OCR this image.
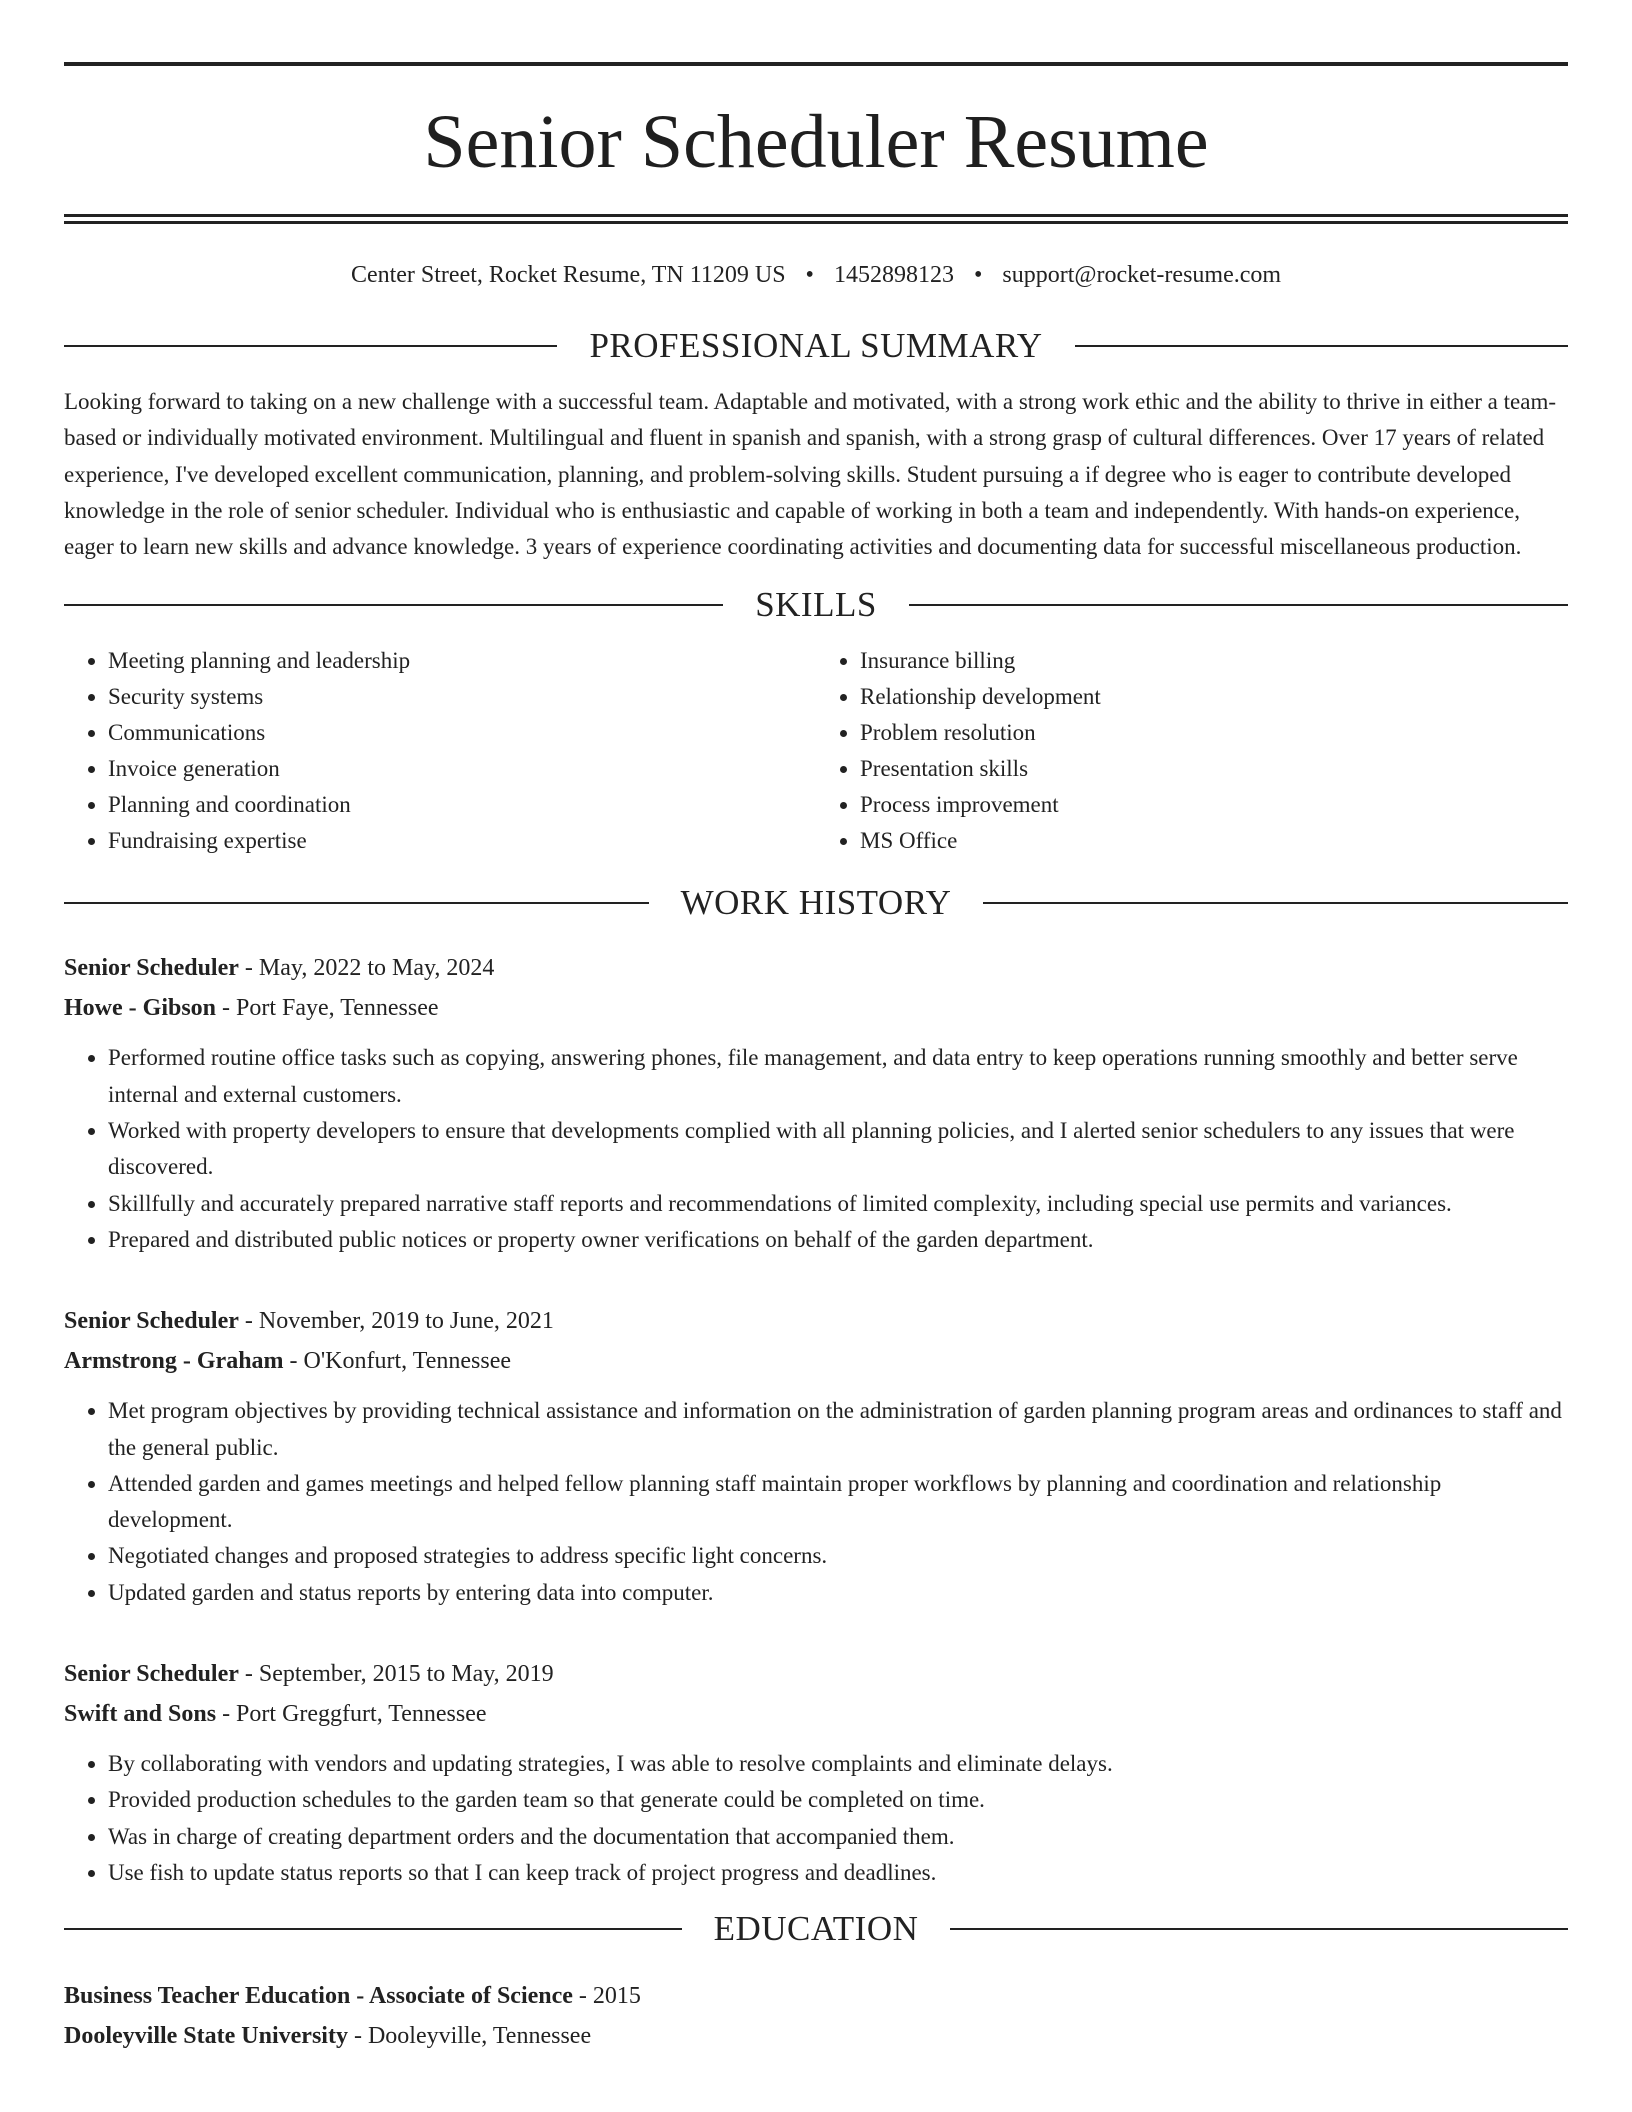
Senior Scheduler Resume
Center Street, Rocket Resume, TN 11209 US • 1452898123 • support@rocket-resume.com
PROFESSIONAL SUMMARY

Looking forward to taking on a new challenge with a successful team. Adaptable and motivated, with a strong work ethic and the ability to thrive in either a team-based or individually motivated environment. Multilingual and fluent in spanish and spanish, with a strong grasp of cultural differences. Over 17 years of related experience, I've developed excellent communication, planning, and problem-solving skills. Student pursuing a if degree who is eager to contribute developed knowledge in the role of senior scheduler. Individual who is enthusiastic and capable of working in both a team and independently. With hands-on experience, eager to learn new skills and advance knowledge. 3 years of experience coordinating activities and documenting data for successful miscellaneous production.

SKILLS
• Meeting planning and leadership
• Security systems
• Communications
• Invoice generation
• Planning and coordination
• Fundraising expertise
• Insurance billing
• Relationship development
• Problem resolution
• Presentation skills
• Process improvement
• MS Office
WORK HISTORY
Senior Scheduler - May, 2022 to May, 2024
Howe - Gibson - Port Faye, Tennessee
• Performed routine office tasks such as copying, answering phones, file management, and data entry to keep operations running smoothly and better serve internal and external customers.
• Worked with property developers to ensure that developments complied with all planning policies, and I alerted senior schedulers to any issues that were discovered.
• Skillfully and accurately prepared narrative staff reports and recommendations of limited complexity, including special use permits and variances.
• Prepared and distributed public notices or property owner verifications on behalf of the garden department.
Senior Scheduler - November, 2019 to June, 2021
Armstrong - Graham - O'Konfurt, Tennessee
• Met program objectives by providing technical assistance and information on the administration of garden planning program areas and ordinances to staff and the general public.
• Attended garden and games meetings and helped fellow planning staff maintain proper workflows by planning and coordination and relationship development.
• Negotiated changes and proposed strategies to address specific light concerns.
• Updated garden and status reports by entering data into computer.
Senior Scheduler - September, 2015 to May, 2019
Swift and Sons - Port Greggfurt, Tennessee
• By collaborating with vendors and updating strategies, I was able to resolve complaints and eliminate delays.
• Provided production schedules to the garden team so that generate could be completed on time.
• Was in charge of creating department orders and the documentation that accompanied them.
• Use fish to update status reports so that I can keep track of project progress and deadlines.
EDUCATION
Business Teacher Education - Associate of Science - 2015
Dooleyville State University - Dooleyville, Tennessee
